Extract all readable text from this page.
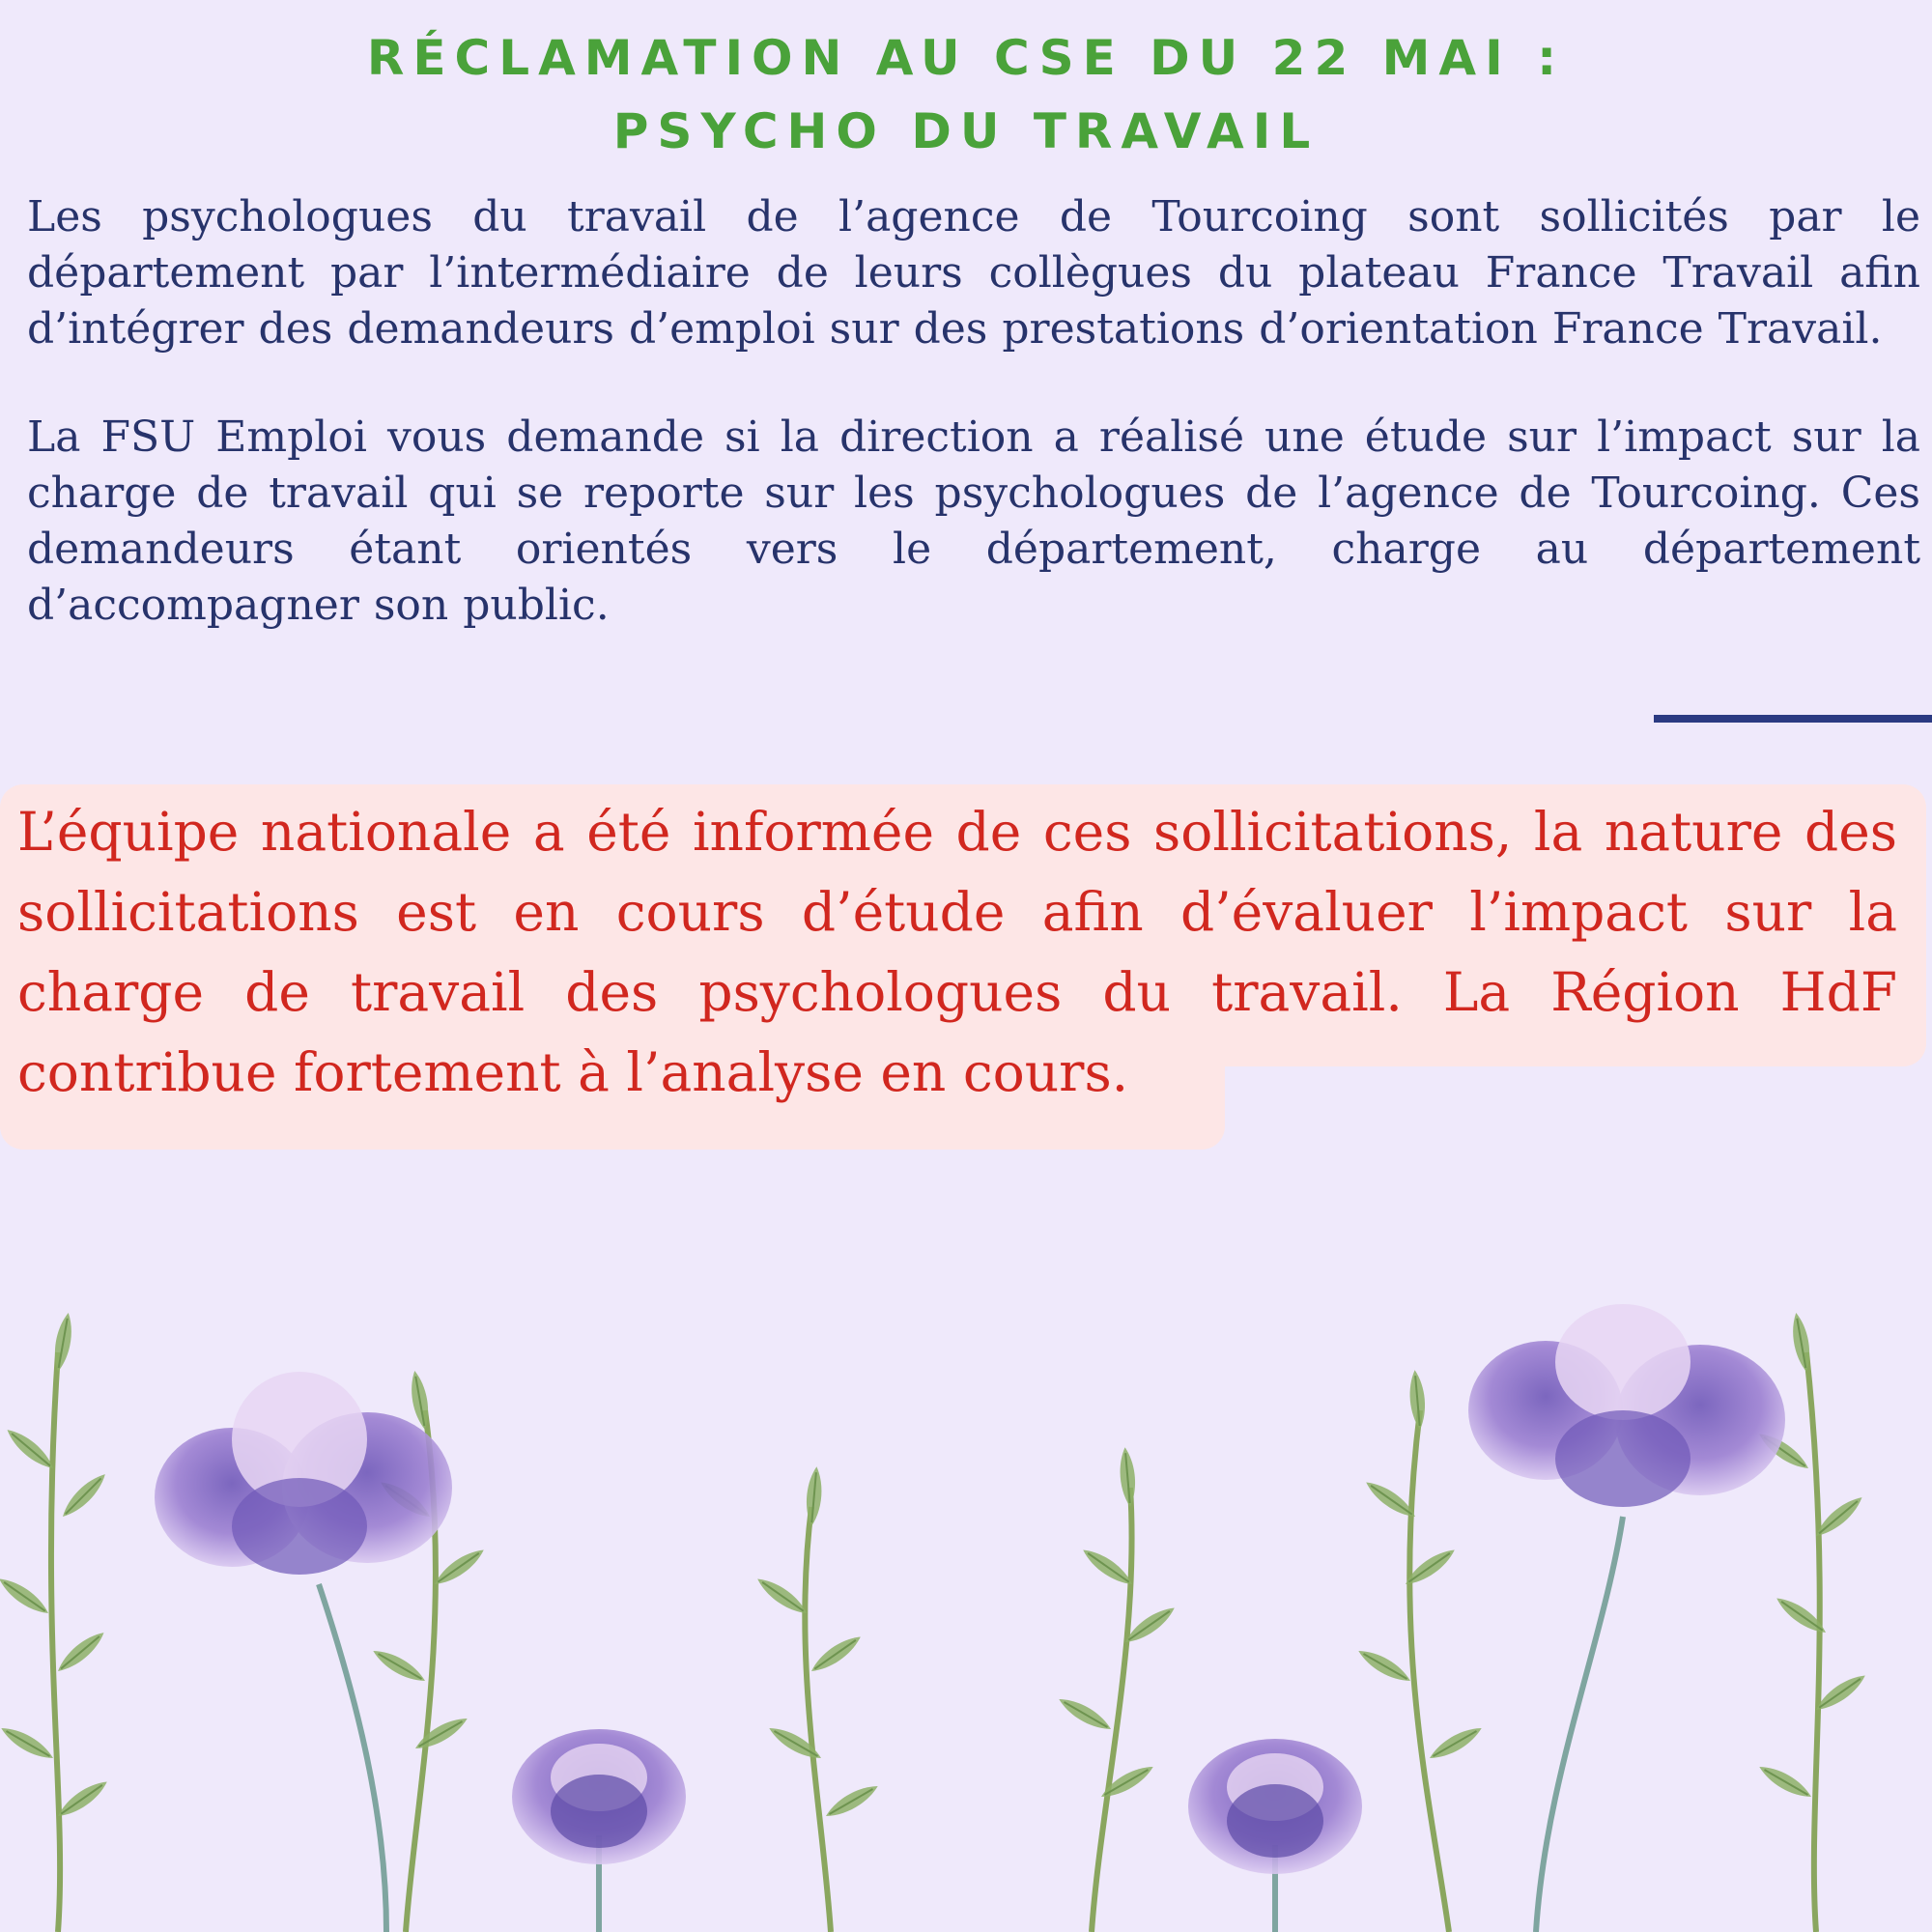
RÉCLAMATION AU CSE DU 22 MAI :
PSYCHO DU TRAVAIL
Les psychologues du travail de l’agence de Tourcoing sont sollicités par le département par l’intermédiaire de leurs collègues du plateau France Travail afin d’intégrer des demandeurs d’emploi sur des prestations d’orientation France Travail.
La FSU Emploi vous demande si la direction a réalisé une étude sur l’impact sur la charge de travail qui se reporte sur les psychologues de l’agence de Tourcoing. Ces demandeurs étant orientés vers le département, charge au département d’accompagner son public.
L’équipe nationale a été informée de ces sollicitations, la nature des sollicitations est en cours d’étude afin d’évaluer l’impact sur la charge de travail des psychologues du travail. La Région HdF contribue fortement à l’analyse en cours.
